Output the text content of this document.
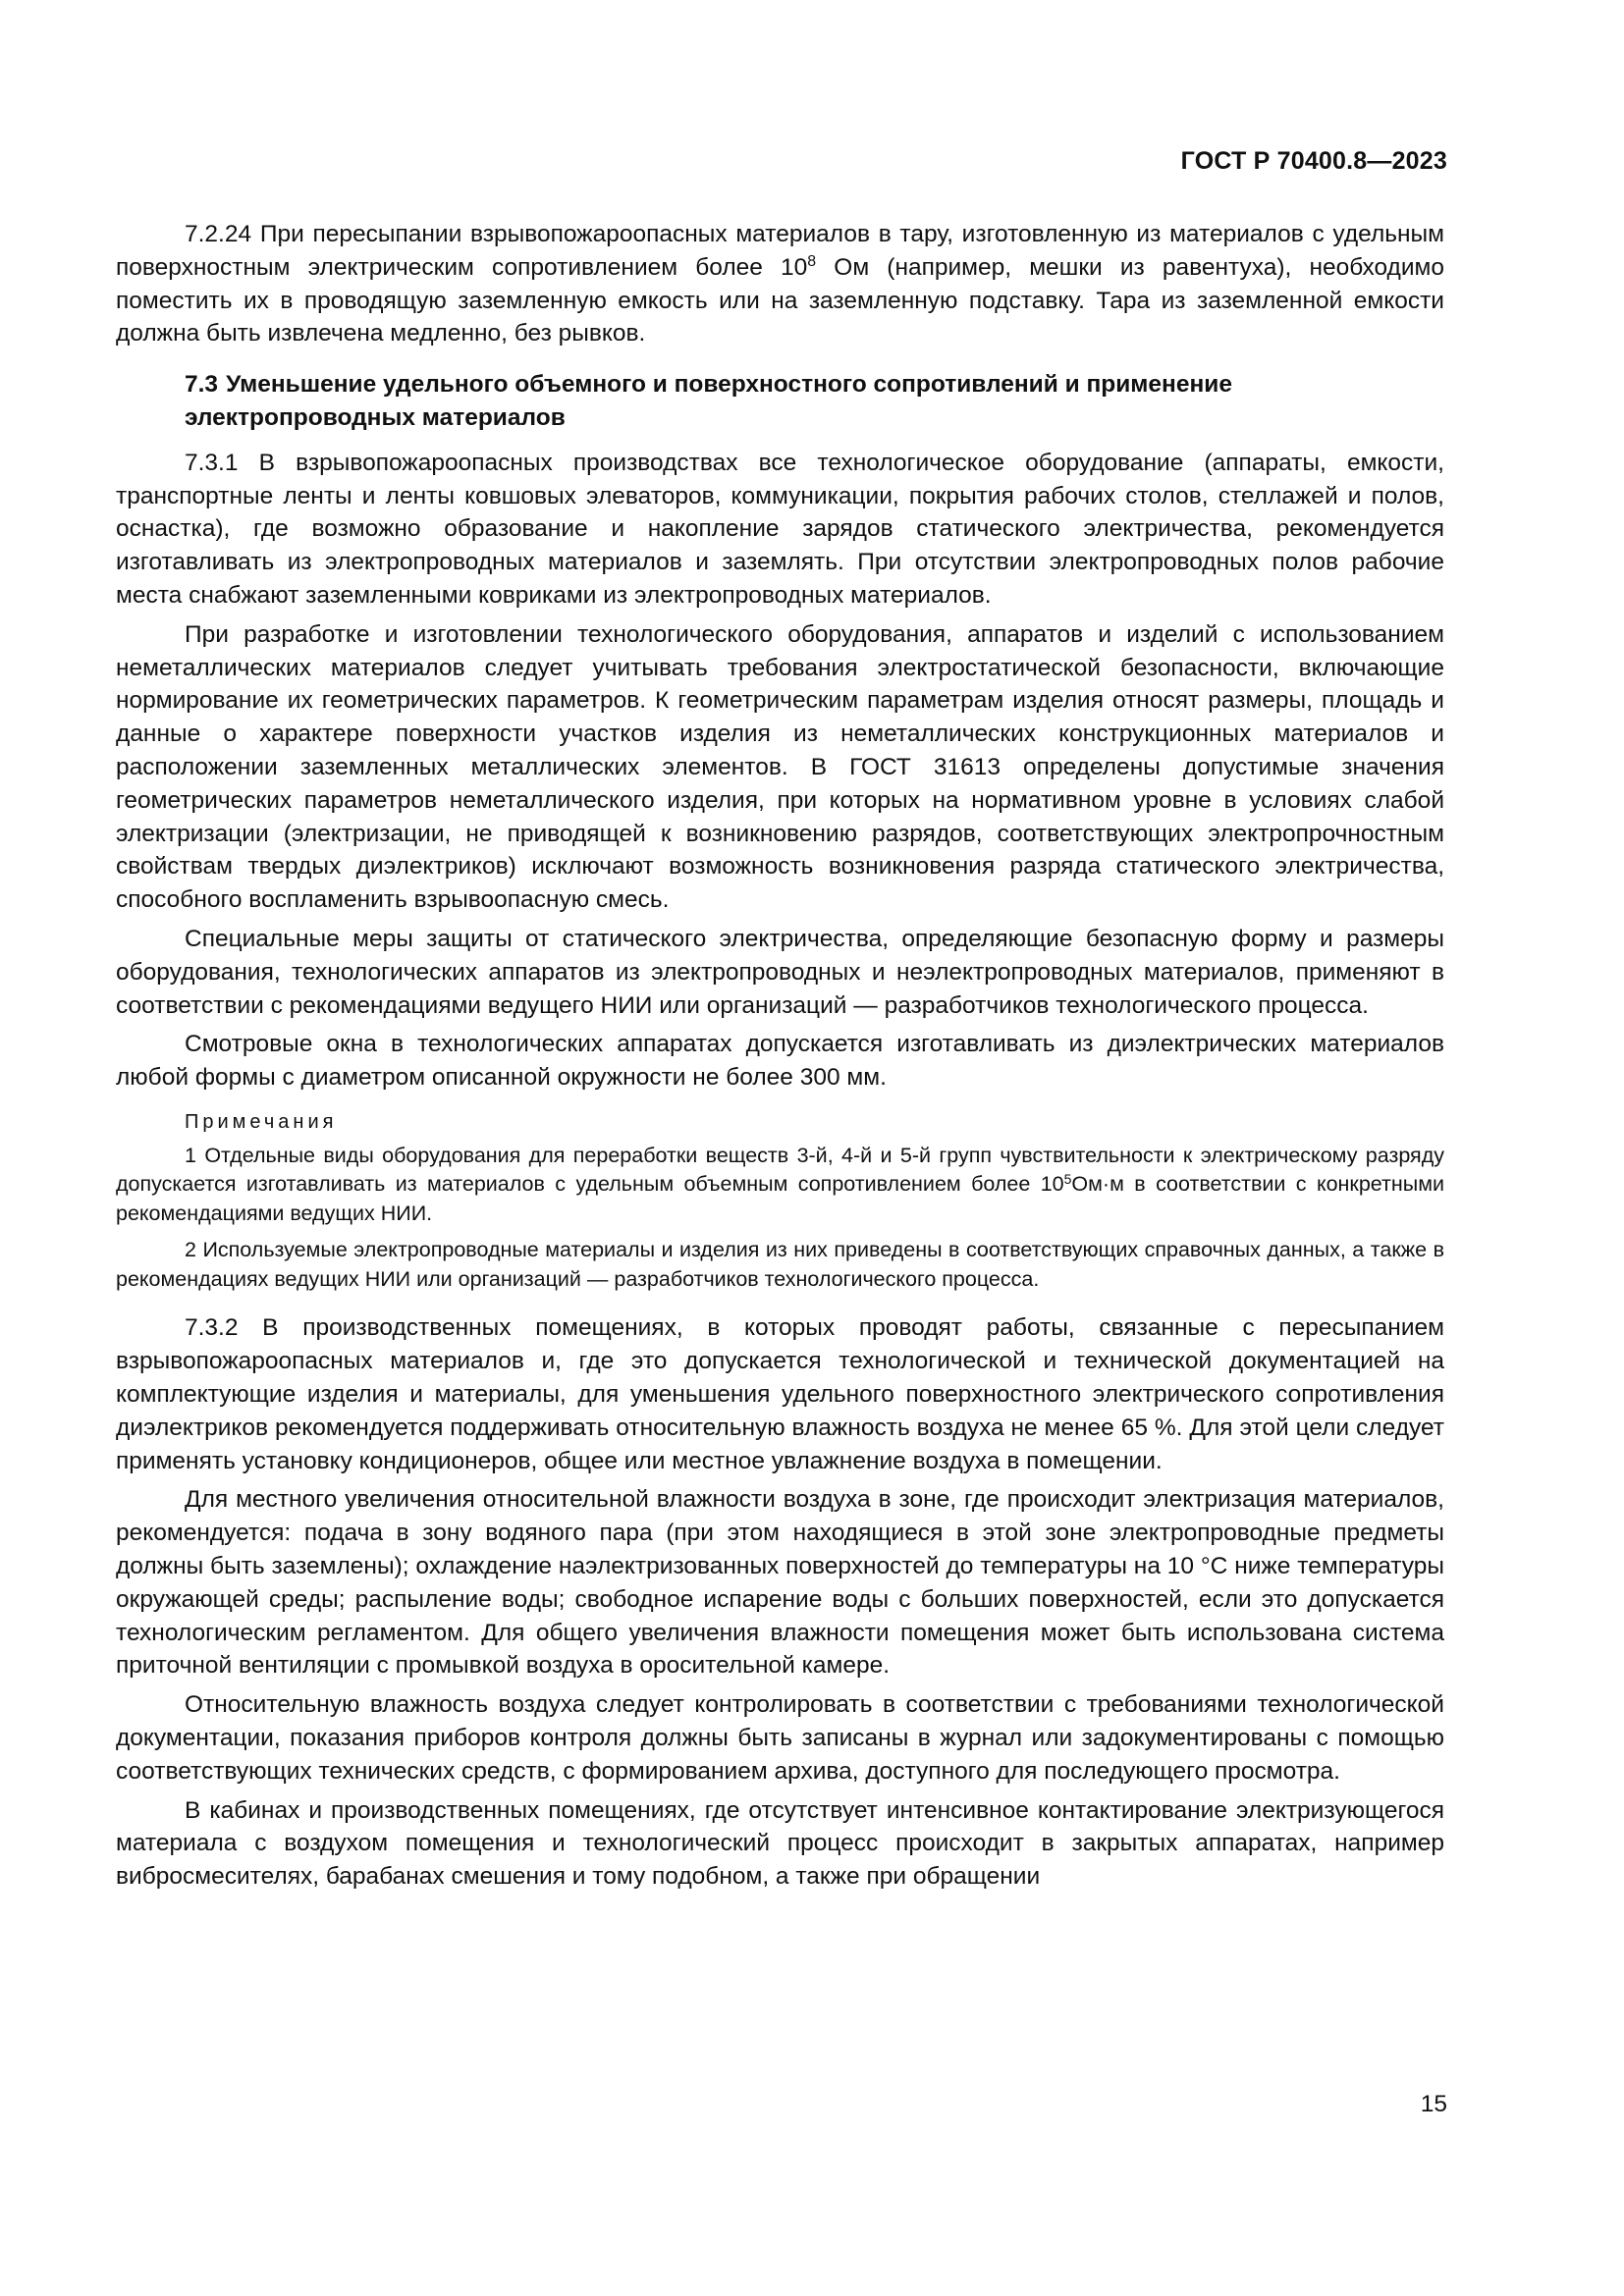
ГОСТ Р 70400.8—2023

7.2.24 При пересыпании взрывопожароопасных материалов в тару, изготовленную из материалов с удельным поверхностным электрическим сопротивлением более $10^8$ Ом (например, мешки из равентуха), необходимо поместить их в проводящую заземленную емкость или на заземленную подставку. Тара из заземленной емкости должна быть извлечена медленно, без рывков.

7.3 Уменьшение удельного объемного и поверхностного сопротивлений и применение электропроводных материалов

7.3.1 В взрывопожароопасных производствах все технологическое оборудование (аппараты, емкости, транспортные ленты и ленты ковшовых элеваторов, коммуникации, покрытия рабочих столов, стеллажей и полов, оснастка), где возможно образование и накопление зарядов статического электричества, рекомендуется изготавливать из электропроводных материалов и заземлять. При отсутствии электропроводных полов рабочие места снабжают заземленными ковриками из электропроводных материалов.

При разработке и изготовлении технологического оборудования, аппаратов и изделий с использованием неметаллических материалов следует учитывать требования электростатической безопасности, включающие нормирование их геометрических параметров. К геометрическим параметрам изделия относят размеры, площадь и данные о характере поверхности участков изделия из неметаллических конструкционных материалов и расположении заземленных металлических элементов. В ГОСТ 31613 определены допустимые значения геометрических параметров неметаллического изделия, при которых на нормативном уровне в условиях слабой электризации (электризации, не приводящей к возникновению разрядов, соответствующих электропрочностным свойствам твердых диэлектриков) исключают возможность возникновения разряда статического электричества, способного воспламенить взрывоопасную смесь.

Специальные меры защиты от статического электричества, определяющие безопасную форму и размеры оборудования, технологических аппаратов из электропроводных и неэлектропроводных материалов, применяют в соответствии с рекомендациями ведущего НИИ или организаций — разработчиков технологического процесса.

Смотровые окна в технологических аппаратах допускается изготавливать из диэлектрических материалов любой формы с диаметром описанной окружности не более 300 мм.

Примечания

1 Отдельные виды оборудования для переработки веществ 3-й, 4-й и 5-й групп чувствительности к электрическому разряду допускается изготавливать из материалов с удельным объемным сопротивлением более $10^5Ом\cdot м$ в соответствии с конкретными рекомендациями ведущих НИИ.

2 Используемые электропроводные материалы и изделия из них приведены в соответствующих справочных данных, а также в рекомендациях ведущих НИИ или организаций — разработчиков технологического процесса.

7.3.2 В производственных помещениях, в которых проводят работы, связанные с пересыпанием взрывопожароопасных материалов и, где это допускается технологической и технической документацией на комплектующие изделия и материалы, для уменьшения удельного поверхностного электрического сопротивления диэлектриков рекомендуется поддерживать относительную влажность воздуха не менее 65 %. Для этой цели следует применять установку кондиционеров, общее или местное увлажнение воздуха в помещении.

Для местного увеличения относительной влажности воздуха в зоне, где происходит электризация материалов, рекомендуется: подача в зону водяного пара (при этом находящиеся в этой зоне электропроводные предметы должны быть заземлены); охлаждение наэлектризованных поверхностей до температуры на 10 °С ниже температуры окружающей среды; распыление воды; свободное испарение воды с больших поверхностей, если это допускается технологическим регламентом. Для общего увеличения влажности помещения может быть использована система приточной вентиляции с промывкой воздуха в оросительной камере.

Относительную влажность воздуха следует контролировать в соответствии с требованиями технологической документации, показания приборов контроля должны быть записаны в журнал или задокументированы с помощью соответствующих технических средств, с формированием архива, доступного для последующего просмотра.

В кабинах и производственных помещениях, где отсутствует интенсивное контактирование электризующегося материала с воздухом помещения и технологический процесс происходит в закрытых аппаратах, например вибросмесителях, барабанах смешения и тому подобном, а также при обращении

15
